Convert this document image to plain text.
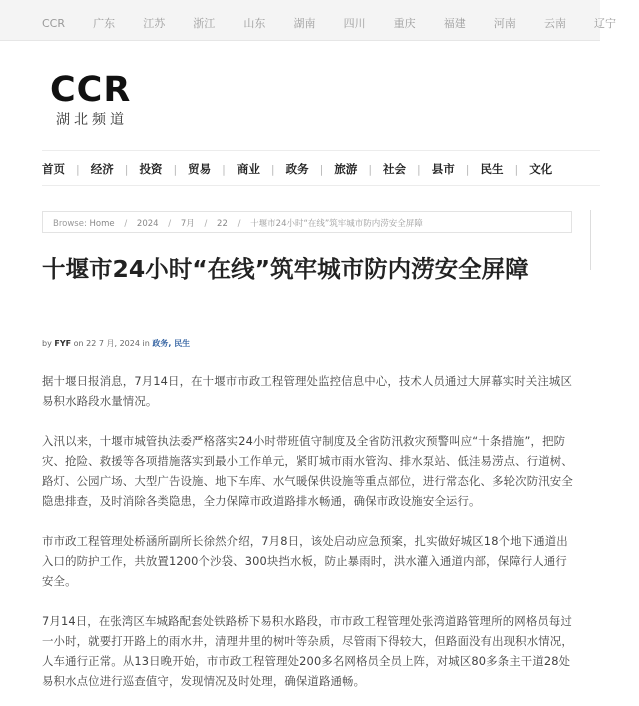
CCR	广东	江苏	浙江	山东	湖南	四川	重庆	福建	河南	云南	辽宁
CCR
湖北频道
首页 | 经济 | 投资 | 贸易 | 商业 | 政务 | 旅游 | 社会 | 县市 | 民生 | 文化
Browse: Home / 2024 / 7月 / 22 / 十堰市24小时“在线”筑牢城市防内涝安全屏障
十堰市24小时“在线”筑牢城市防内涝安全屏障
by FYF on 22 7 月, 2024 in 政务, 民生

据十堰日报消息，7月14日，在十堰市市政工程管理处监控信息中心，技术人员通过大屏幕实时关注城区易积水路段水量情况。

入汛以来，十堰市城管执法委严格落实24小时带班值守制度及全省防汛救灾预警叫应“十条措施”，把防灾、抢险、救援等各项措施落实到最小工作单元，紧盯城市雨水管沟、排水泵站、低洼易涝点、行道树、路灯、公园广场、大型广告设施、地下车库、水气暖保供设施等重点部位，进行常态化、多轮次防汛安全隐患排查，及时消除各类隐患，全力保障市政道路排水畅通，确保市政设施安全运行。

市市政工程管理处桥涵所副所长徐然介绍，7月8日，该处启动应急预案，扎实做好城区18个地下通道出入口的防护工作，共放置1200个沙袋、300块挡水板，防止暴雨时，洪水灌入通道内部，保障行人通行安全。

7月14日，在张湾区车城路配套处铁路桥下易积水路段，市市政工程管理处张湾道路管理所的网格员每过一小时，就要打开路上的雨水井，清理井里的树叶等杂质，尽管雨下得较大，但路面没有出现积水情况，人车通行正常。从13日晚开始，市市政工程管理处200多名网格员全员上阵，对城区80多条主干道28处易积水点位进行巡查值守，发现情况及时处理，确保道路通畅。
